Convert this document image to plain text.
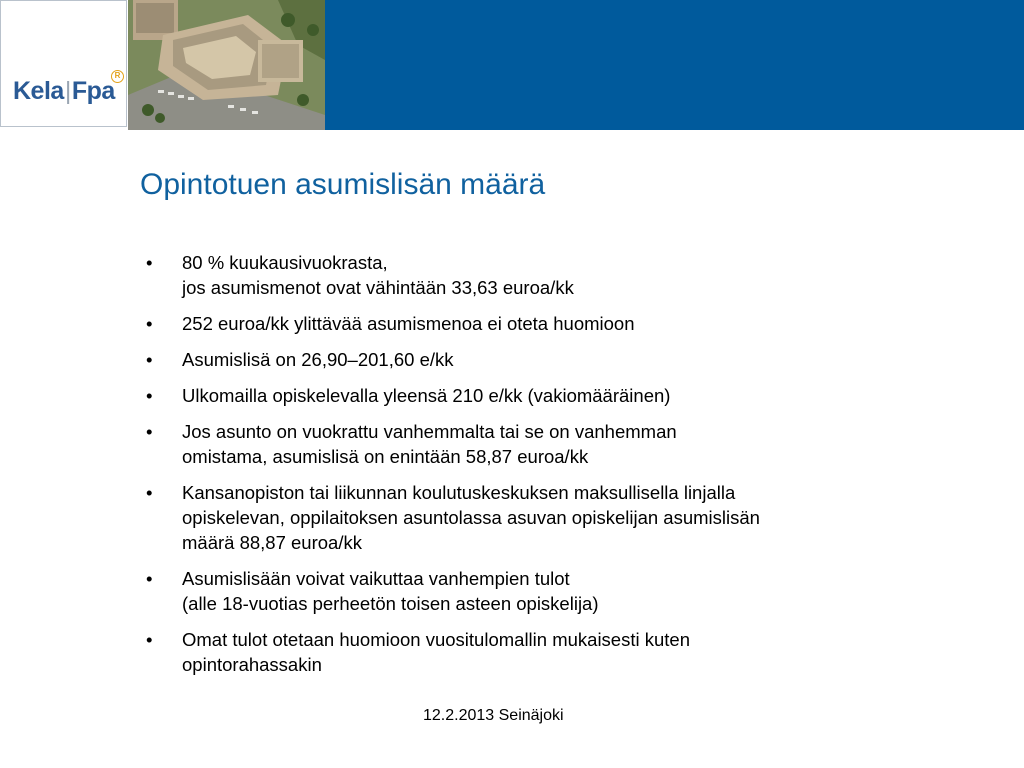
Kela|Fpa
R
Opintotuen asumislisän määrä
• 80 % kuukausivuokrasta,
jos asumismenot ovat vähintään 33,63 euroa/kk
• 252 euroa/kk ylittävää asumismenoa ei oteta huomioon
• Asumislisä on 26,90–201,60 e/kk
• Ulkomailla opiskelevalla yleensä 210 e/kk (vakiomääräinen)
• Jos asunto on vuokrattu vanhemmalta tai se on vanhemman
omistama, asumislisä on enintään 58,87 euroa/kk
• Kansanopiston tai liikunnan koulutuskeskuksen maksullisella linjalla
opiskelevan, oppilaitoksen asuntolassa asuvan opiskelijan asumislisän
määrä 88,87 euroa/kk
• Asumislisään voivat vaikuttaa vanhempien tulot
(alle 18-vuotias perheetön toisen asteen opiskelija)
• Omat tulot otetaan huomioon vuositulomallin mukaisesti kuten
opintorahassakin
12.2.2013 Seinäjoki
